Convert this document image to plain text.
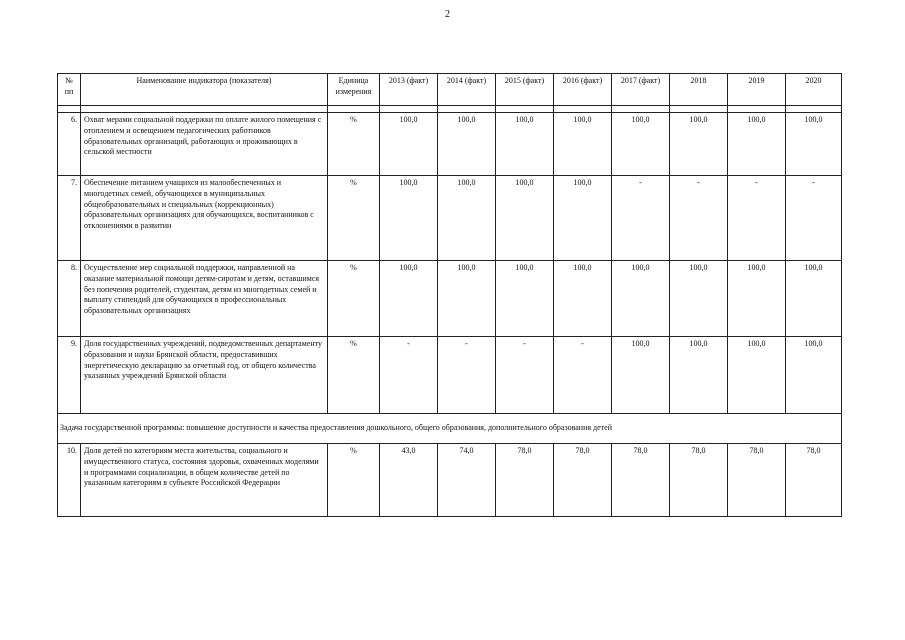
2
№ пп	Наименование индикатора (показателя)	Единица измерения	2013 (факт)	2014 (факт)	2015 (факт)	2016 (факт)	2017 (факт)	2018	2019	2020

6.	Охват мерами социальной поддержки по оплате жилого помещения с отоплением и освещением педагогических работников образовательных организаций, работающих и проживающих в сельской местности	%	100,0	100,0	100,0	100,0	100,0	100,0	100,0	100,0
7.	Обеспечение питанием учащихся из малообеспеченных и многодетных семей, обучающихся в муниципальных общеобразовательных и специальных (коррекционных) образовательных организациях для обучающихся, воспитанников с отклонениями в развитии	%	100,0	100,0	100,0	100,0	-	-	-	-
8.	Осуществление мер социальной поддержки, направленной на оказание материальной помощи детям-сиротам и детям, оставшимся без попечения родителей, студентам, детям из многодетных семей и выплату стипендий для обучающихся в профессиональных образовательных организациях	%	100,0	100,0	100,0	100,0	100,0	100,0	100,0	100,0
9.	Доля государственных учреждений, подведомственных департаменту образования и науки Брянской области, предоставивших энергетическую декларацию за отчетный год, от общего количества указанных учреждений Брянской области	%	-	-	-	-	100,0	100,0	100,0	100,0
Задача государственной программы: повышение доступности и качества предоставления дошкольного, общего образования, дополнительного образования детей										
10.	Доля детей по категориям места жительства, социального и имущественного статуса, состояния здоровья, охваченных моделями и программами социализации, в общем количестве детей по указанным категориям в субъекте Российской Федерации	%	43,0	74,0	78,0	78,0	78,0	78,0	78,0	78,0
